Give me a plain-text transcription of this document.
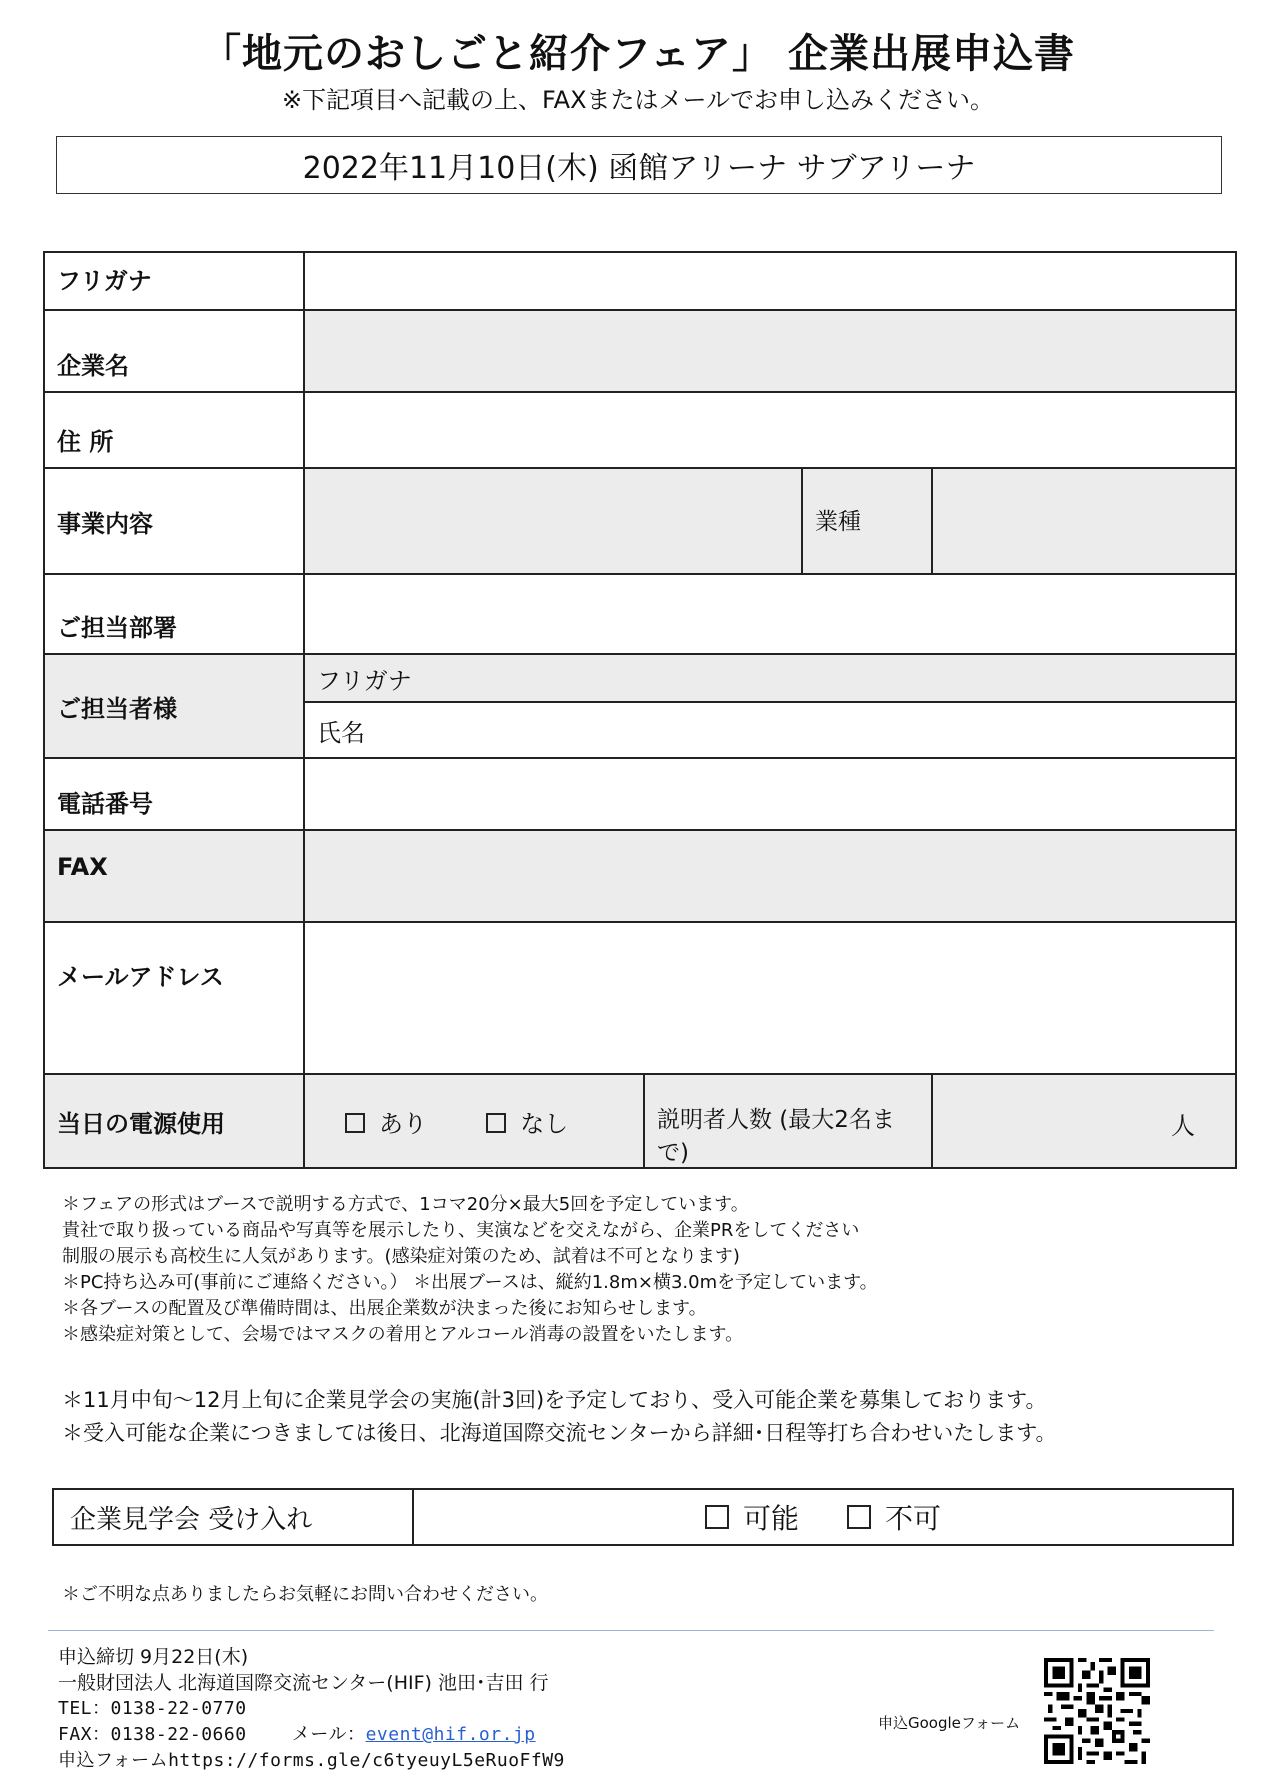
「地元のおしごと紹介フェア」 企業出展申込書
※下記項目へ記載の上、FAXまたはメールでお申し込みください。
2022年11月10日(木) 函館アリーナ サブアリーナ
フリガナ				
企業名				
住 所				
事業内容			業種	
ご担当部署				
ご担当者様	フリガナ			
	氏名			
電話番号				
FAX				
メールアドレス				
当日の電源使用	あり なし	説明者人数 (最大2名まで)		人
＊フェアの形式はブースで説明する方式で、1コマ20分×最大5回を予定しています。
貴社で取り扱っている商品や写真等を展示したり、実演などを交えながら、企業PRをしてください
制服の展示も高校生に人気があります。(感染症対策のため、試着は不可となります)
＊PC持ち込み可(事前にご連絡ください。） ＊出展ブースは、縦約1.8m×横3.0mを予定しています。
＊各ブースの配置及び準備時間は、出展企業数が決まった後にお知らせします。
＊感染症対策として、会場ではマスクの着用とアルコール消毒の設置をいたします。
＊11月中旬～12月上旬に企業見学会の実施(計3回)を予定しており、受入可能企業を募集しております。
＊受入可能な企業につきましては後日、北海道国際交流センターから詳細･日程等打ち合わせいたします。
企業見学会 受け入れ	可能	不可
＊ご不明な点ありましたらお気軽にお問い合わせください。
申込締切 9月22日(木)
一般財団法人 北海道国際交流センター(HIF) 池田･吉田 行
TEL：0138-22-0770
FAX：0138-22-0660	メール：event@hif.or.jp
申込フォームhttps://forms.gle/c6tyeuyL5eRuoFfW9
申込Googleフォーム
